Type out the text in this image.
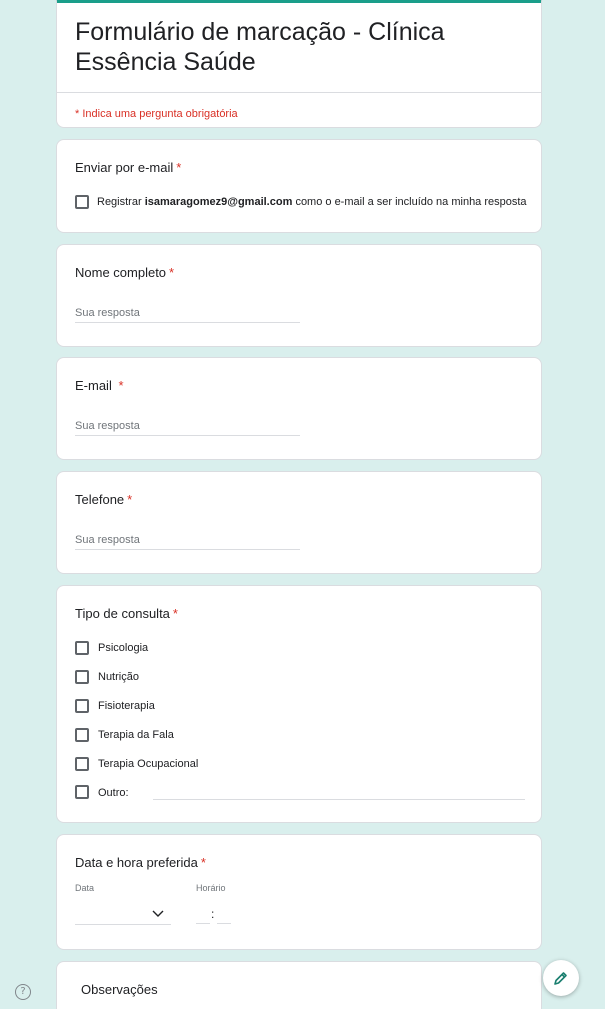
Formulário de marcação - Clínica Essência Saúde
* Indica uma pergunta obrigatória
Enviar por e-mail *
Registrar isamaragomez9@gmail.com como o e-mail a ser incluído na minha resposta
Nome completo *
Sua resposta
E-mail *
Sua resposta
Telefone *
Sua resposta
Tipo de consulta *
Psicologia
Nutrição
Fisioterapia
Terapia da Fala
Terapia Ocupacional
Outro:
Data e hora preferida *
Data	Horário
:
Observações
?
